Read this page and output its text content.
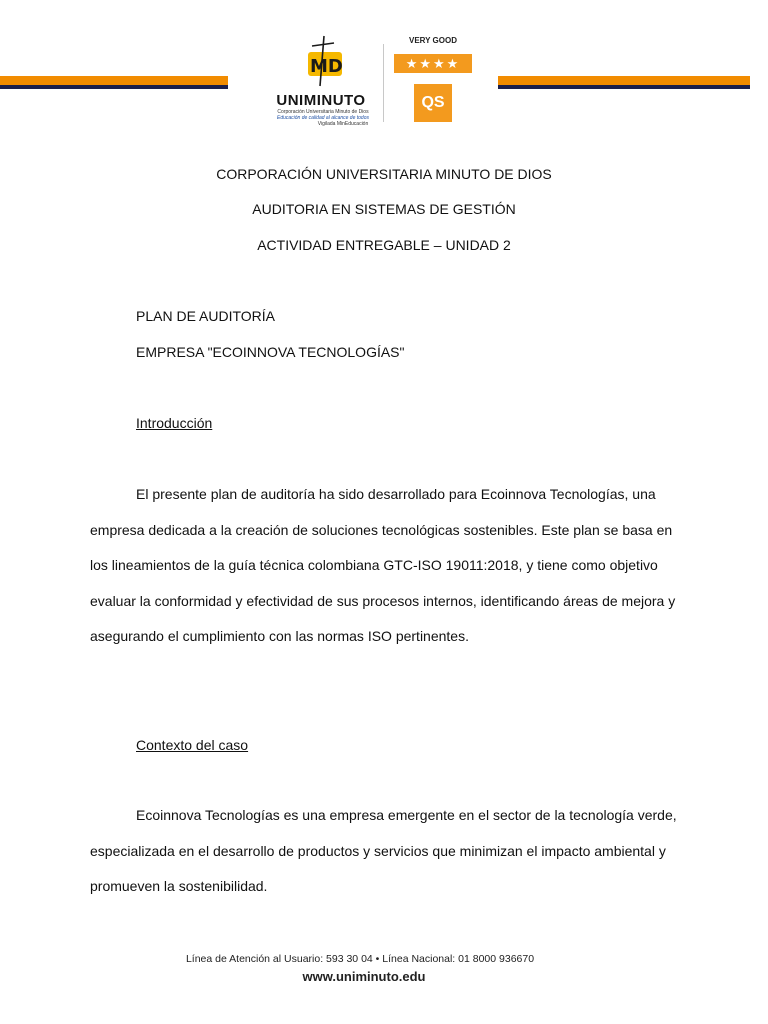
MD
UNIMINUTO
Corporación Universitaria Minuto de Dios
Educación de calidad al alcance de todos
Vigilada MinEducación
VERY GOOD
★★★★
QS
CORPORACIÓN UNIVERSITARIA MINUTO DE DIOS
AUDITORIA EN SISTEMAS DE GESTIÓN
ACTIVIDAD ENTREGABLE – UNIDAD 2
PLAN DE AUDITORÍA
EMPRESA "ECOINNOVA TECNOLOGÍAS"
Introducción

El presente plan de auditoría ha sido desarrollado para Ecoinnova Tecnologías, una empresa dedicada a la creación de soluciones tecnológicas sostenibles. Este plan se basa en los lineamientos de la guía técnica colombiana GTC-ISO 19011:2018, y tiene como objetivo evaluar la conformidad y efectividad de sus procesos internos, identificando áreas de mejora y asegurando el cumplimiento con las normas ISO pertinentes.

Contexto del caso

Ecoinnova Tecnologías es una empresa emergente en el sector de la tecnología verde, especializada en el desarrollo de productos y servicios que minimizan el impacto ambiental y promueven la sostenibilidad.

Línea de Atención al Usuario: 593 30 04 • Línea Nacional: 01 8000 936670
www.uniminuto.edu
